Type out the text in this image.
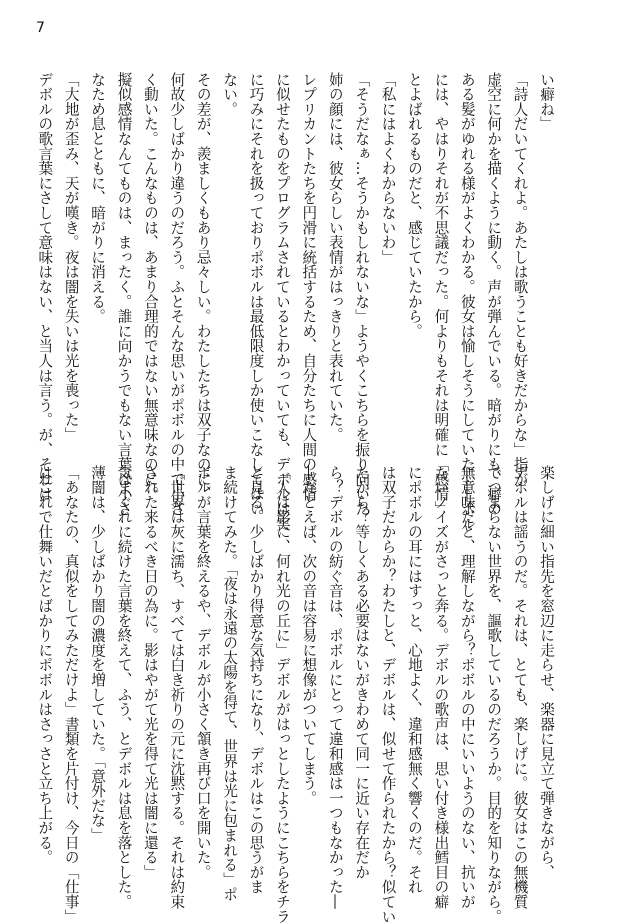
7
い癖ね」
「詩人だいてくれよ。あたしは歌うことも好きだからな」指が
虚空に何かを描くように動く。声が弾んでいる。暗がりにも、癖の
ある髪がゆれる様がよくわかる。彼女は愉しそうにしていた――ボル
には、やはりそれが不思議だった。何よりもそれは明確に「感情」
とよばれるものだと、感じていたから。
「私にはよくわからないわ」
「そうだなぁ…そうかもしれないな」ようやくこちらを振り向いた
姉の顔には、彼女らしい表情がはっきりと表れていた。
レプリカントたちを円滑に統括するため、自分たちに人間の感情
に似せたものをプログラムされているとわかっていても、デボルは実
に巧みにそれを扱っておりポボルは最低限度しか使いこなしてはい
ない。
その差が、羨ましくもあり忌々しい。わたしたちは双子なのに、
何故少しばかり違うのだろう。ふとそんな思いがポボルの中で小さ
く動いた。こんなものは、あまり合理的ではない無意味なのに。
擬似感情なんてものは、まったく。誰に向かうでもない言葉は小さ
なため息とともに、暗がりに消える。
「大地が歪み、天が嘆き。夜は闇を失いは光を喪った」
デボルの歌言葉にさして意味はない、と当人は言う。が、それは
楽しげに細い指先を窓辺に走らせ、楽器に見立て弾きながら、
デボルは謡うのだ。それは、とても、楽しげに。彼女はこの無機質
でつまらない世界を、謳歌しているのだろうか。目的を知りながら。
無意味だと、理解しながら？ポボルの中にいいようのない、抗いが
たいノイズがさっと奔る。デボルの歌声は、思い付き様出鱈目の癖
にポボルの耳にはすっと、心地よく、違和感無く響くのだ。それ
は双子だからか？わたしと、デボルは、似せて作られたから？似てい
たから？等しくある必要はないがきわめて同一に近い存在だか
ら？デボルの紡ぐ音は、ポボルにとって違和感は一つもなかった―
―たとえば、次の音は容易に想像がついてしまう。
「人は影に、何れ光の丘に」デボルがはっとしたようにこちらをチラ
と見る。少しばかり得意な気持ちになり、デボルはこの思うがま
ま続けてみた。「夜は永遠の太陽を得て、世界は光に包まれる」ポ
ボルが言葉を終えるや、デボルが小さく頷き再び口を開いた。
「世界は灰に濡ち、すべては白き祈りの元に沈黙する。それは約束
された来るべき日の為に。影はやがて光を得て光は闇に還る」
気まぐれに続けた言葉を終えて、ふう、とデボルは息を落とした。
薄闇は、少しばかり闇の濃度を増していた。「意外だな」
「あなたの、真似をしてみただけよ」書類を片付け、今日の「仕事」
はこれで仕舞いだとばかりにポボルはさっさと立ち上がる。
